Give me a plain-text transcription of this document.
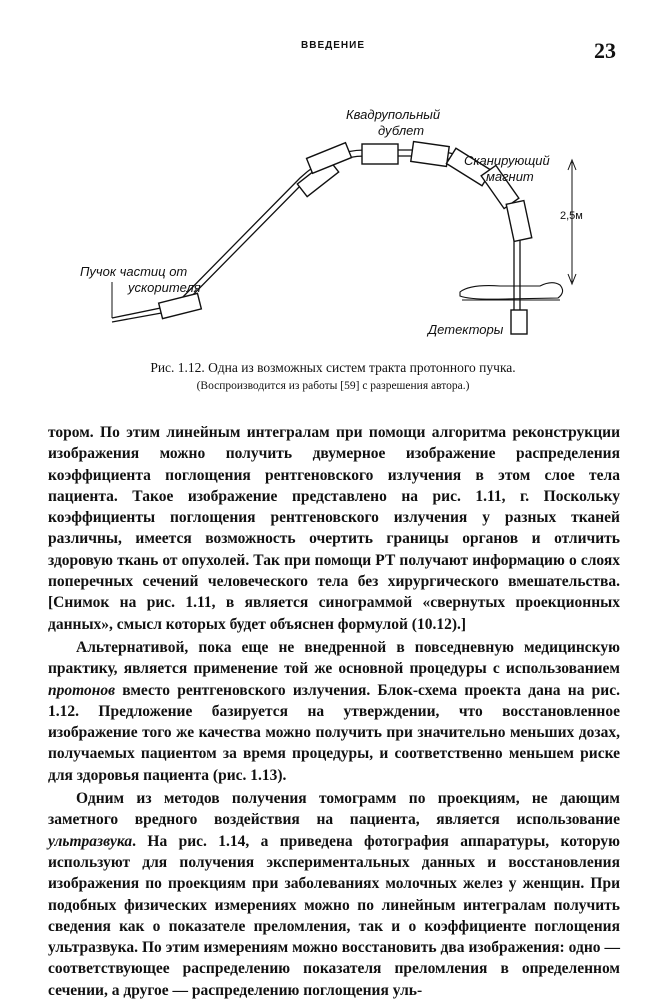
ВВЕДЕНИЕ	23
2,5м
Квадрупольный
дублет
Сканирующий
магнит
Пучок частиц от
ускорителя
Детекторы
Рис. 1.12. Одна из возможных систем тракта протонного пучка.
(Воспроизводится из работы [59] с разрешения автора.)

тором. По этим линейным интегралам при помощи алгоритма реконструкции изображения можно получить двумерное изображение распределения коэффициента поглощения рентгеновского излучения в этом слое тела пациента. Такое изображение представлено на рис. 1.11, г. Поскольку коэффициенты поглощения рентгеновского излучения у разных тканей различны, имеется возможность очертить границы органов и отличить здоровую ткань от опухолей. Так при помощи РТ получают информацию о слоях поперечных сечений человеческого тела без хирургического вмешательства. [Снимок на рис. 1.11, в является синограммой «свернутых проекционных данных», смысл которых будет объяснен формулой (10.12).]

Альтернативой, пока еще не внедренной в повседневную медицинскую практику, является применение той же основной процедуры с использованием протонов вместо рентгеновского излучения. Блок-схема проекта дана на рис. 1.12. Предложение базируется на утверждении, что восстановленное изображение того же качества можно получить при значительно меньших дозах, получаемых пациентом за время процедуры, и соответственно меньшем риске для здоровья пациента (рис. 1.13).

Одним из методов получения томограмм по проекциям, не дающим заметного вредного воздействия на пациента, является использование ультразвука. На рис. 1.14, а приведена фотография аппаратуры, которую используют для получения экспериментальных данных и восстановления изображения по проекциям при заболеваниях молочных желез у женщин. При подобных физических измерениях можно по линейным интегралам получить сведения как о показателе преломления, так и о коэффициенте поглощения ультразвука. По этим измерениям можно восстановить два изображения: одно — соответствующее распределению показателя преломления в определенном сечении, а другое — распределению поглощения уль-
